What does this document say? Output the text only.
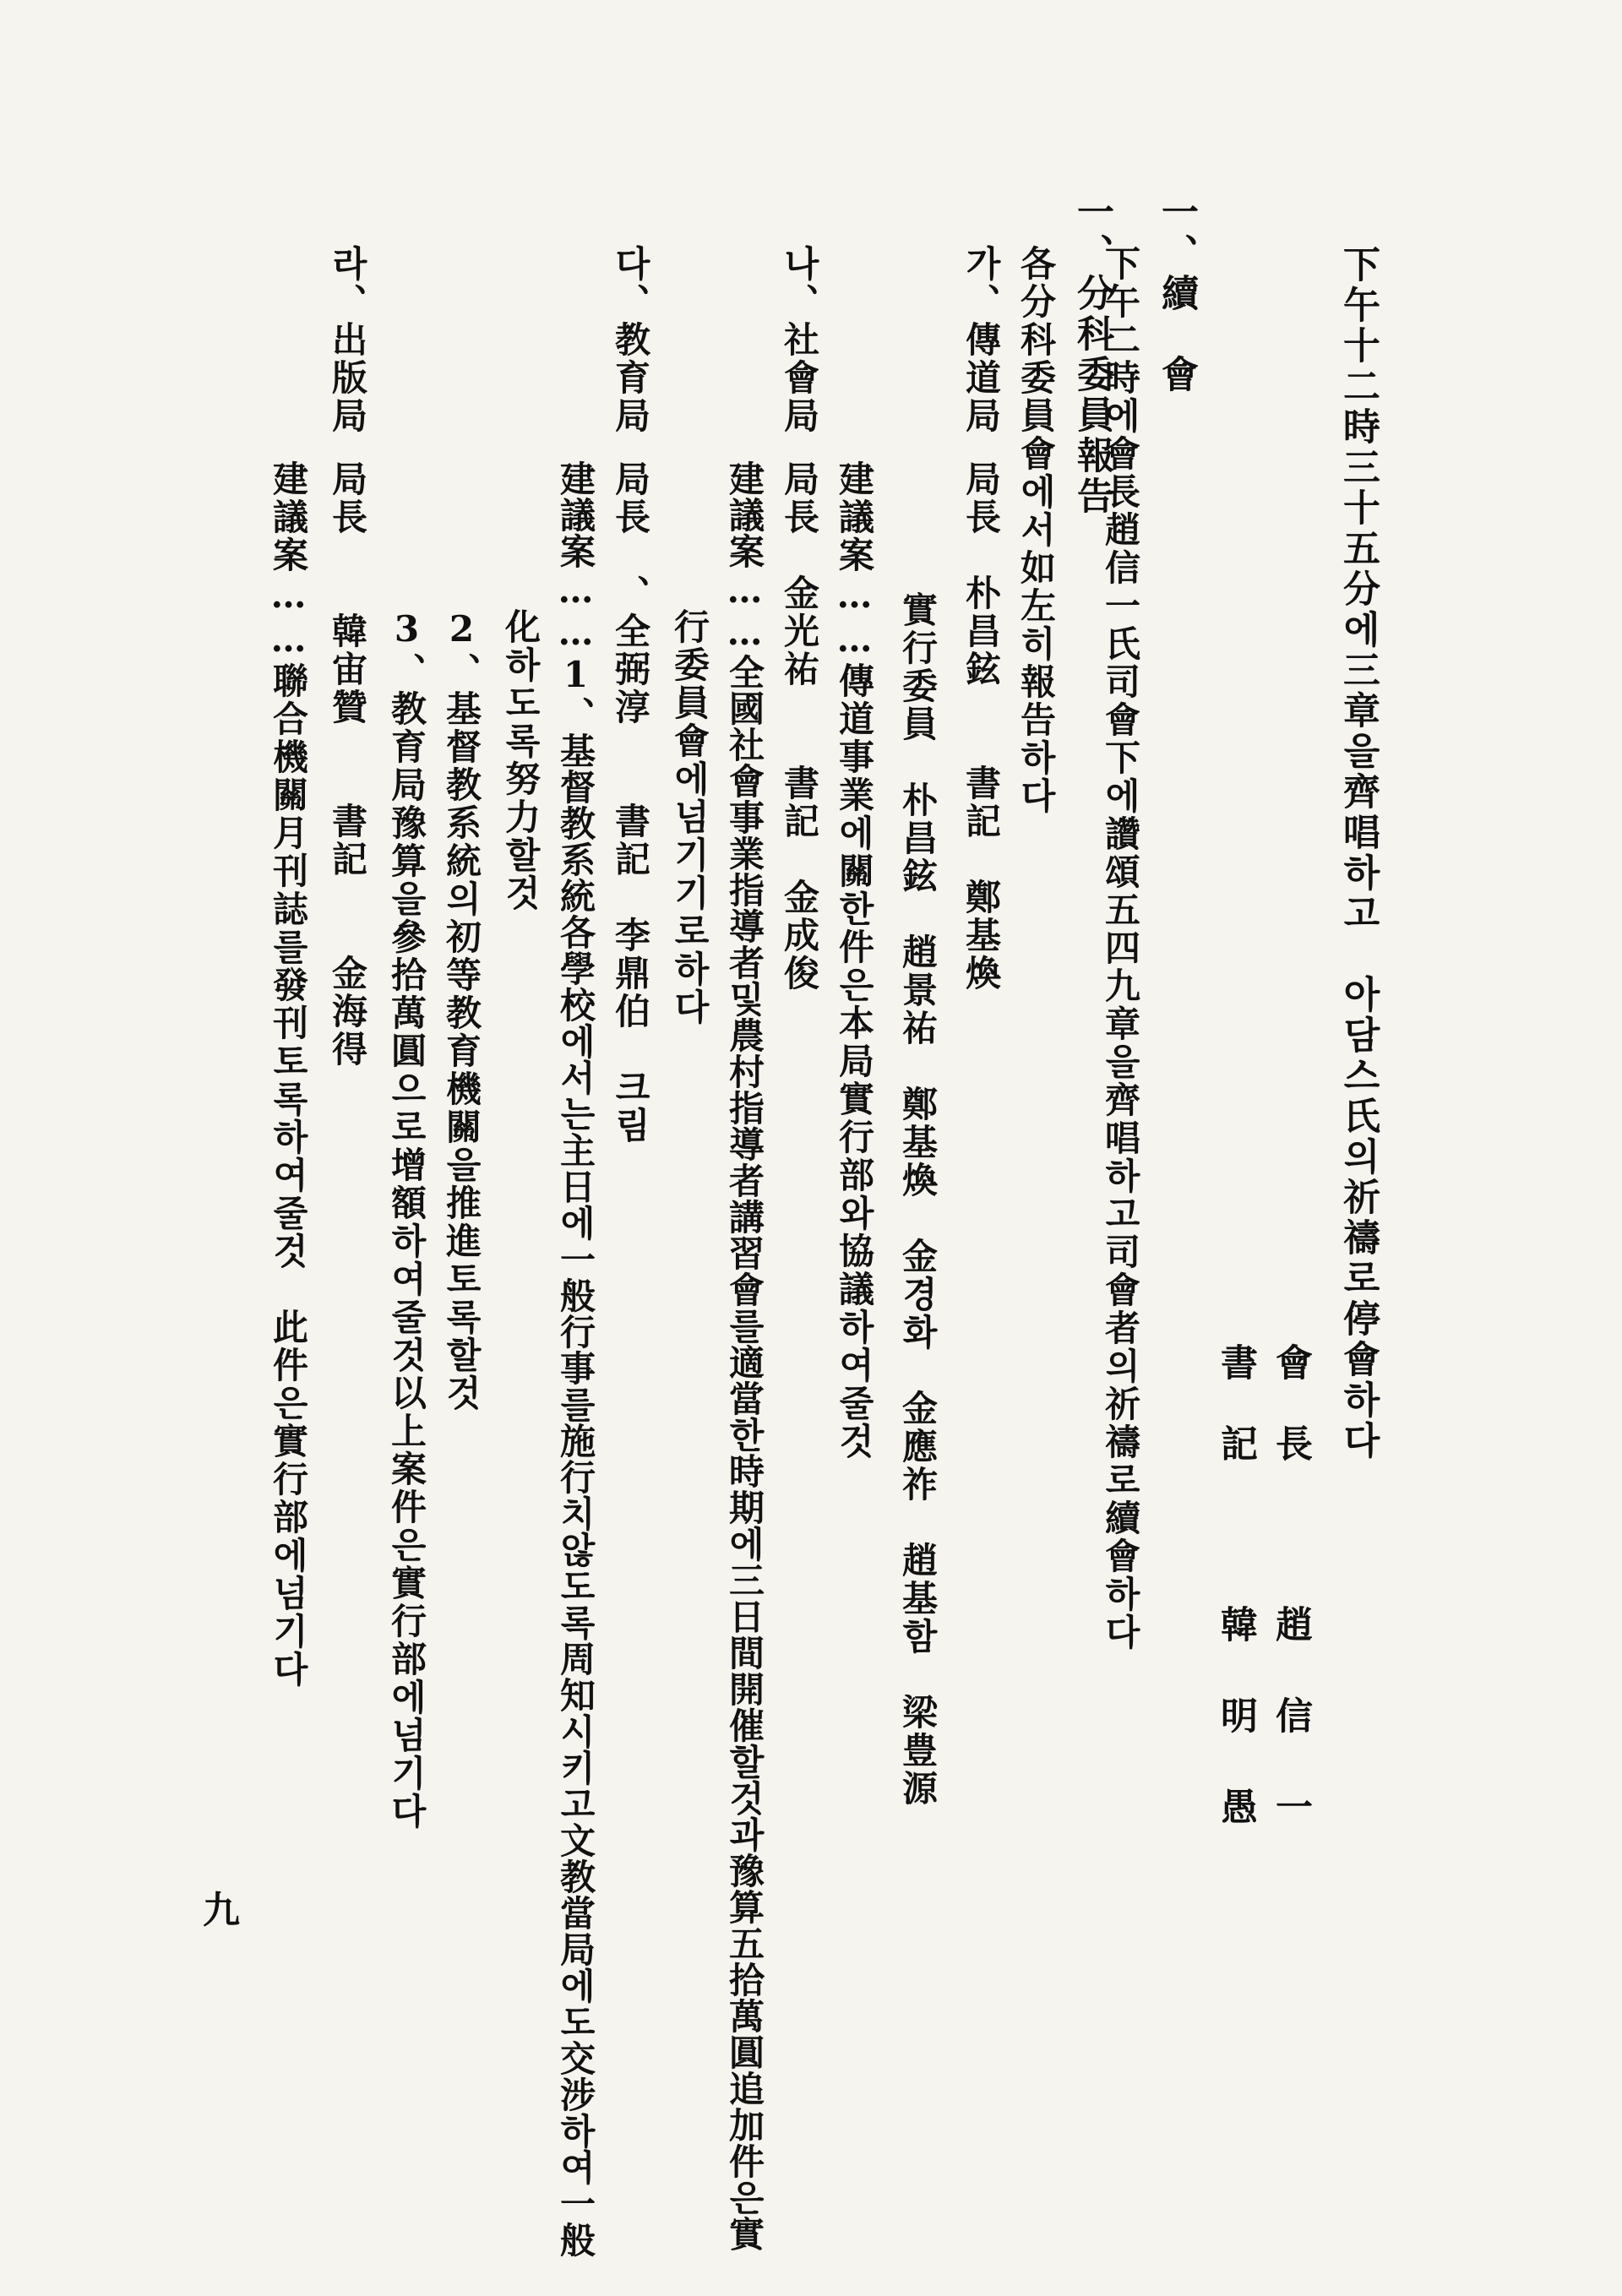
下午十二時三十五分에三章을齊唱하고　아담스氏의祈禱로停會하다
會長
趙信一
書記
韓明愚
一、續　會
下午二時에會長趙信一氏司會下에讚頌五四九章을齊唱하고司會者의祈禱로續會하다
一、分科委員報告
各分科委員會에서如左히報告하다
가、傳道局
局長　朴昌鉉　　書記　鄭基煥
實行委員　朴昌鉉　趙景祐　鄭基煥　金경화　金應祚　趙基함　梁豊源
建議案……傳道事業에關한件은本局實行部와協議하여줄것
나、社會局
局長　金光祐　　書記　金成俊
建議案……全國社會事業指導者및農村指導者講習會를適當한時期에三日間開催할것과豫算五拾萬圓追加件은實
行委員會에넘기기로하다
다、教育局
局長　、全弼淳　　書記　李鼎伯　크림
建議案……1、基督教系統各學校에서는主日에一般行事를施行치않도록周知시키고文教當局에도交涉하여一般
化하도록努力할것
2、基督教系統의初等教育機關을推進토록할것
3、教育局豫算을參拾萬圓으로增額하여줄것以上案件은實行部에넘기다
라、出版局
局長　　韓宙贊　　書記　　金海得
建議案……聯合機關月刊誌를發刊토록하여줄것　此件은實行部에넘기다
九
